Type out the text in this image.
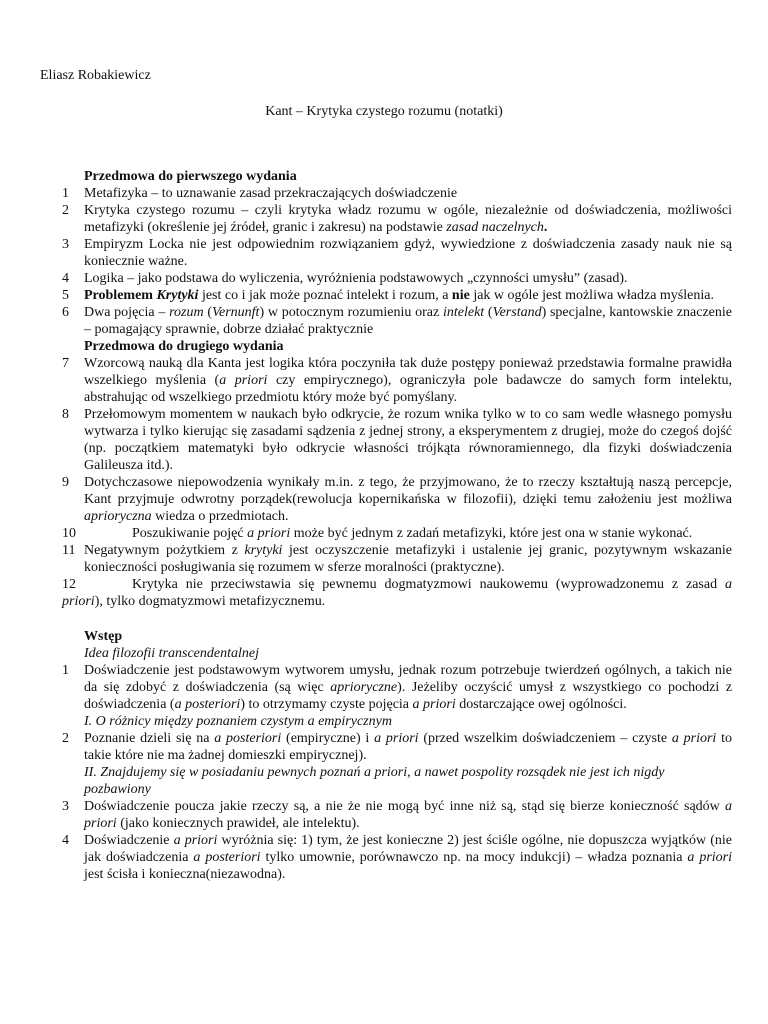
Eliasz Robakiewicz
Kant – Krytyka czystego rozumu (notatki)
Przedmowa do pierwszego wydania
1 Metafizyka – to uznawanie zasad przekraczających doświadczenie
2 Krytyka czystego rozumu – czyli krytyka władz rozumu w ogóle, niezależnie od doświadczenia, możliwości metafizyki (określenie jej źródeł, granic i zakresu) na podstawie zasad naczelnych.
3 Empiryzm Locka nie jest odpowiednim rozwiązaniem gdyż, wywiedzione z doświadczenia zasady nauk nie są koniecznie ważne.
4 Logika – jako podstawa do wyliczenia, wyróżnienia podstawowych „czynności umysłu” (zasad).
5 Problemem Krytyki jest co i jak może poznać intelekt i rozum, a nie jak w ogóle jest możliwa władza myślenia.
6 Dwa pojęcia – rozum (Vernunft) w potocznym rozumieniu oraz intelekt (Verstand) specjalne, kantowskie znaczenie – pomagający sprawnie, dobrze działać praktycznie
Przedmowa do drugiego wydania
7 Wzorcową nauką dla Kanta jest logika która poczyniła tak duże postępy ponieważ przedstawia formalne prawidła wszelkiego myślenia (a priori czy empirycznego), ograniczyła pole badawcze do samych form intelektu, abstrahując od wszelkiego przedmiotu który może być pomyślany.
8 Przełomowym momentem w naukach było odkrycie, że rozum wnika tylko w to co sam wedle własnego pomysłu wytwarza i tylko kierując się zasadami sądzenia z jednej strony, a eksperymentem z drugiej, może do czegoś dojść (np. początkiem matematyki było odkrycie własności trójkąta równoramiennego, dla fizyki doświadczenia Galileusza itd.).
9 Dotychczasowe niepowodzenia wynikały m.in. z tego, że przyjmowano, że to rzeczy kształtują naszą percepcje, Kant przyjmuje odwrotny porządek(rewolucja kopernikańska w filozofii), dzięki temu założeniu jest możliwa aprioryczna wiedza o przedmiotach.
10	Poszukiwanie pojęć a priori może być jednym z zadań metafizyki, które jest ona w stanie wykonać.
11 Negatywnym pożytkiem z krytyki jest oczyszczenie metafizyki i ustalenie jej granic, pozytywnym wskazanie konieczności posługiwania się rozumem w sferze moralności (praktyczne).
12	Krytyka nie przeciwstawia się pewnemu dogmatyzmowi naukowemu (wyprowadzonemu z zasad a priori), tylko dogmatyzmowi metafizycznemu.
Wstęp
Idea filozofii transcendentalnej
1 Doświadczenie jest podstawowym wytworem umysłu, jednak rozum potrzebuje twierdzeń ogólnych, a takich nie da się zdobyć z doświadczenia (są więc aprioryczne). Jeżeliby oczyścić umysł z wszystkiego co pochodzi z doświadczenia (a posteriori) to otrzymamy czyste pojęcia a priori dostarczające owej ogólności.
I. O różnicy między poznaniem czystym a empirycznym
2 Poznanie dzieli się na a posteriori (empiryczne) i a priori (przed wszelkim doświadczeniem – czyste a priori to takie które nie ma żadnej domieszki empirycznej).
II. Znajdujemy się w posiadaniu pewnych poznań a priori, a nawet pospolity rozsądek nie jest ich nigdy pozbawiony
3 Doświadczenie poucza jakie rzeczy są, a nie że nie mogą być inne niż są, stąd się bierze konieczność sądów a priori (jako koniecznych prawideł, ale intelektu).
4 Doświadczenie a priori wyróżnia się: 1) tym, że jest konieczne 2) jest ściśle ogólne, nie dopuszcza wyjątków (nie jak doświadczenia a posteriori tylko umownie, porównawczo np. na mocy indukcji) – władza poznania a priori jest ścisła i konieczna(niezawodna).
